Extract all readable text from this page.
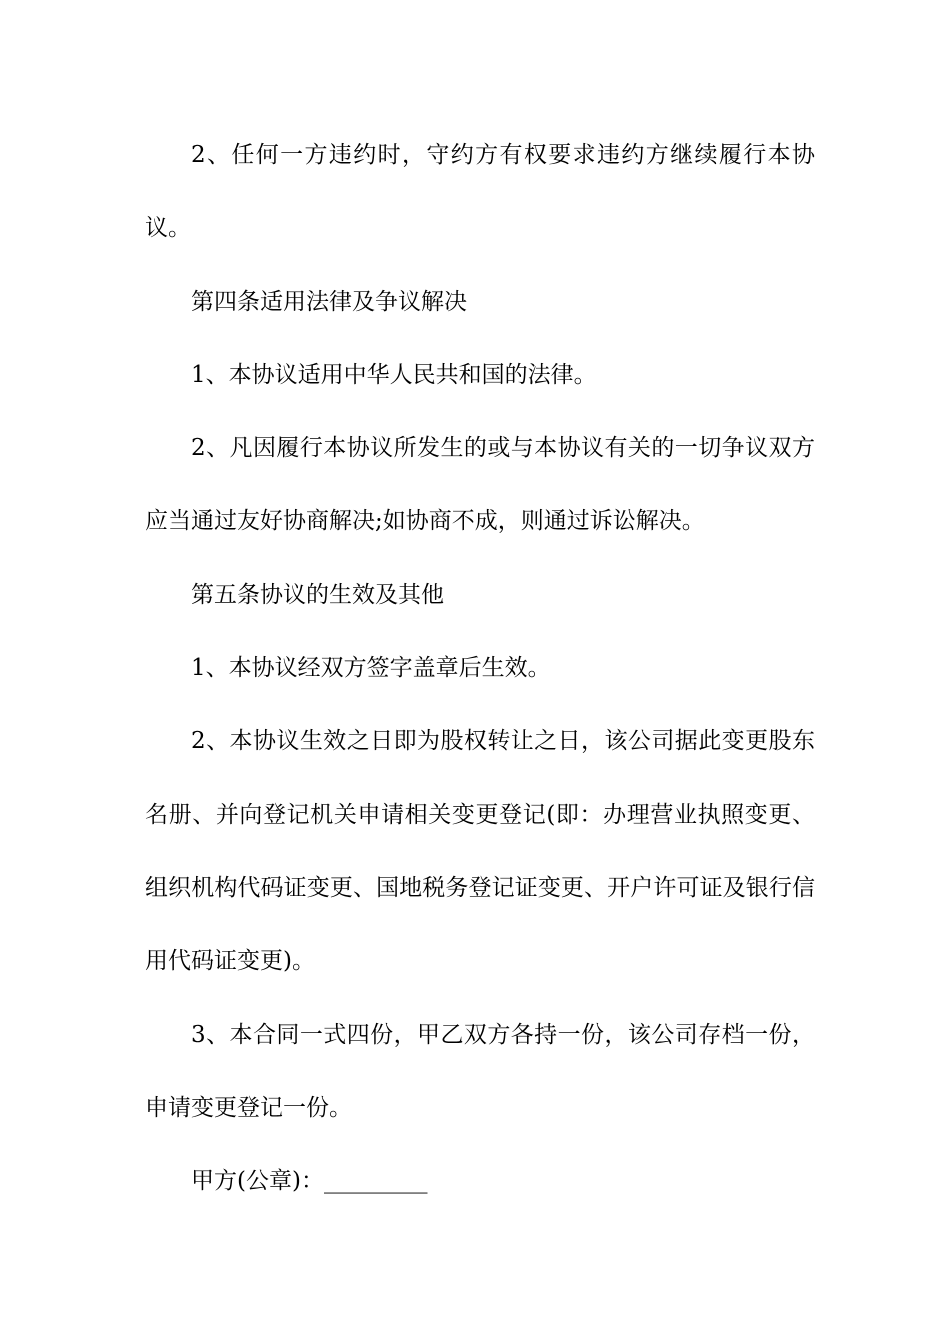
2、任何一方违约时，守约方有权要求违约方继续履行本协议。

第四条适用法律及争议解决

1、本协议适用中华人民共和国的法律。

2、凡因履行本协议所发生的或与本协议有关的一切争议双方应当通过友好协商解决;如协商不成，则通过诉讼解决。

第五条协议的生效及其他

1、本协议经双方签字盖章后生效。

2、本协议生效之日即为股权转让之日，该公司据此变更股东名册、并向登记机关申请相关变更登记(即：办理营业执照变更、组织机构代码证变更、国地税务登记证变更、开户许可证及银行信用代码证变更)。

3、本合同一式四份，甲乙双方各持一份，该公司存档一份，申请变更登记一份。

甲方(公章)：_________
